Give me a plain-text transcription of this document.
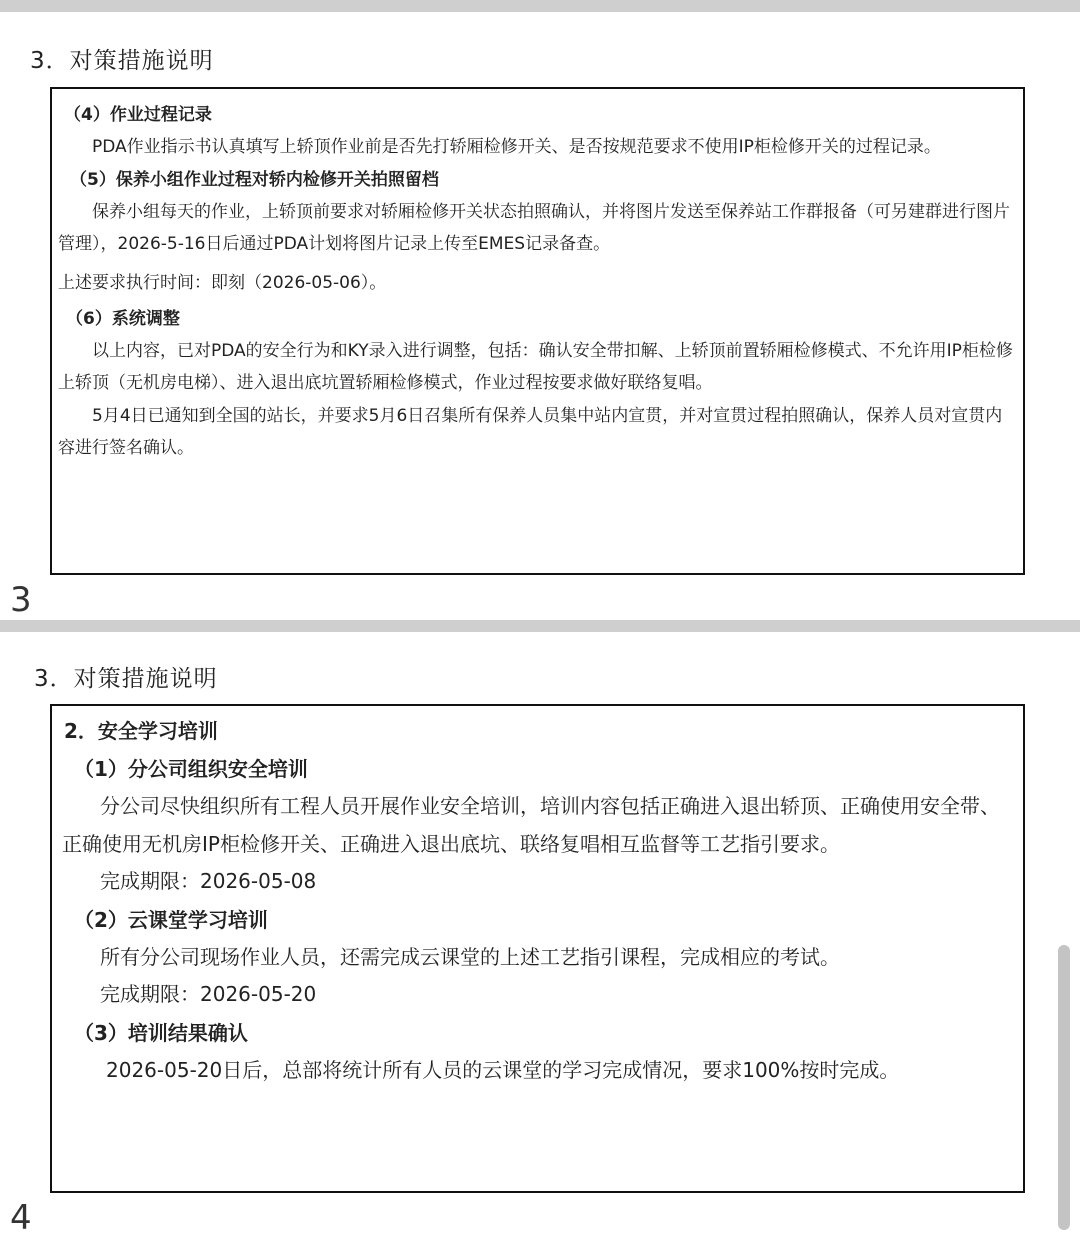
3．对策措施说明
（4）作业过程记录
PDA作业指示书认真填写上轿顶作业前是否先打轿厢检修开关、是否按规范要求不使用IP柜检修开关的过程记录。
（5）保养小组作业过程对轿内检修开关拍照留档
保养小组每天的作业，上轿顶前要求对轿厢检修开关状态拍照确认，并将图片发送至保养站工作群报备（可另建群进行图片管理），2026-5-16日后通过PDA计划将图片记录上传至EMES记录备查。
上述要求执行时间：即刻（2026-05-06）。
（6）系统调整
以上内容，已对PDA的安全行为和KY录入进行调整，包括：确认安全带扣解、上轿顶前置轿厢检修模式、不允许用IP柜检修上轿顶（无机房电梯）、进入退出底坑置轿厢检修模式，作业过程按要求做好联络复唱。
5月4日已通知到全国的站长，并要求5月6日召集所有保养人员集中站内宣贯，并对宣贯过程拍照确认，保养人员对宣贯内容进行签名确认。
3
3．对策措施说明
2．安全学习培训
（1）分公司组织安全培训
分公司尽快组织所有工程人员开展作业安全培训，培训内容包括正确进入退出轿顶、正确使用安全带、正确使用无机房IP柜检修开关、正确进入退出底坑、联络复唱相互监督等工艺指引要求。
完成期限：2026-05-08
（2）云课堂学习培训
所有分公司现场作业人员，还需完成云课堂的上述工艺指引课程，完成相应的考试。
完成期限：2026-05-20
（3）培训结果确认
2026-05-20日后，总部将统计所有人员的云课堂的学习完成情况，要求100%按时完成。
4
